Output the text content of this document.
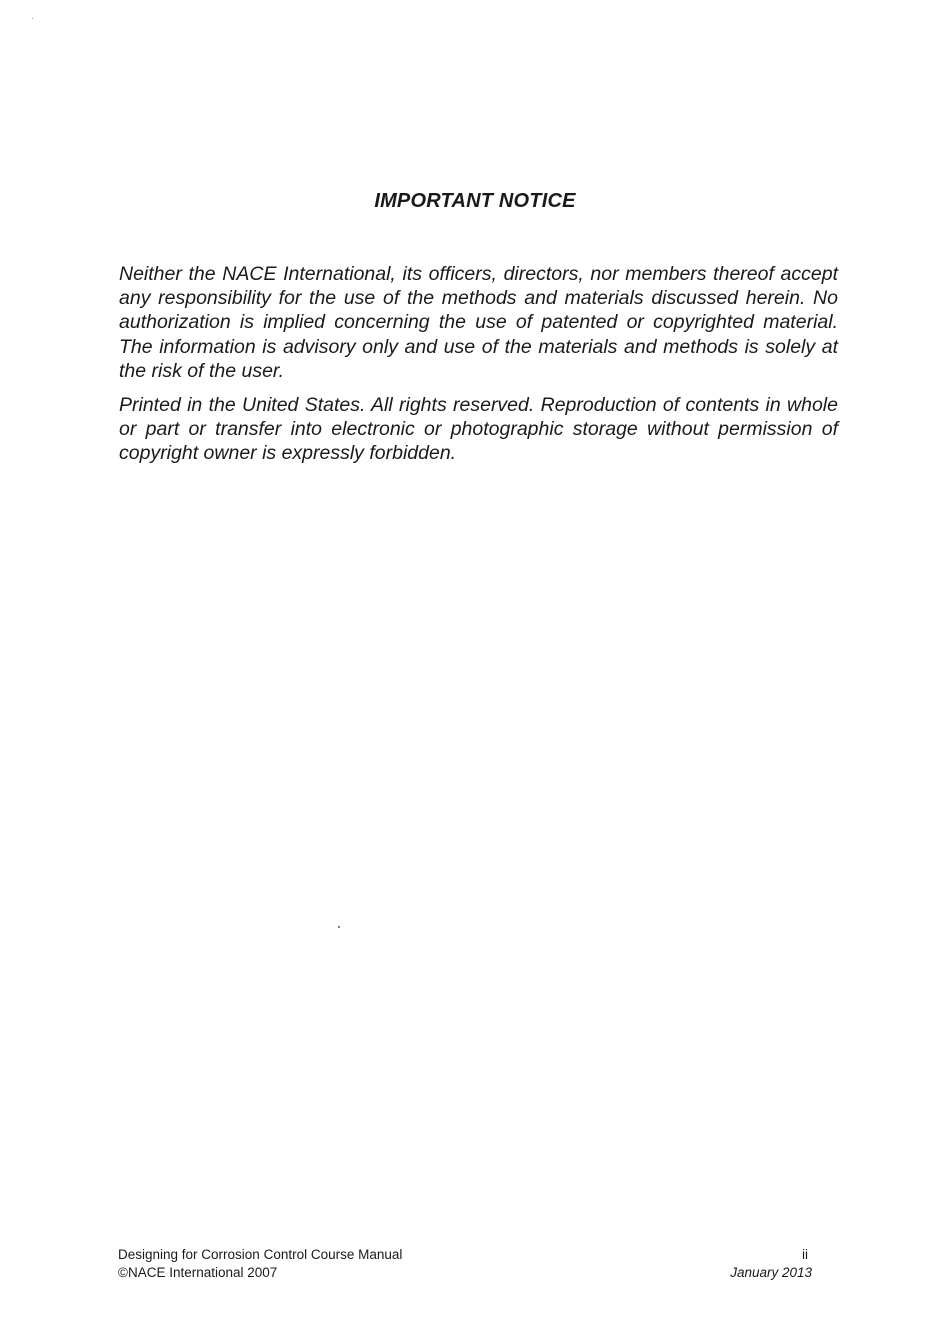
IMPORTANT NOTICE

Neither the NACE International, its officers, directors, nor members thereof accept any responsibility for the use of the methods and materials discussed herein. No authorization is implied concerning the use of patented or copyrighted material. The information is advisory only and use of the materials and methods is solely at the risk of the user.

Printed in the United States. All rights reserved. Reproduction of contents in whole or part or transfer into electronic or photographic storage without permission of copyright owner is expressly forbidden.

Designing for Corrosion Control Course Manual	ii
©NACE International 2007	January 2013
